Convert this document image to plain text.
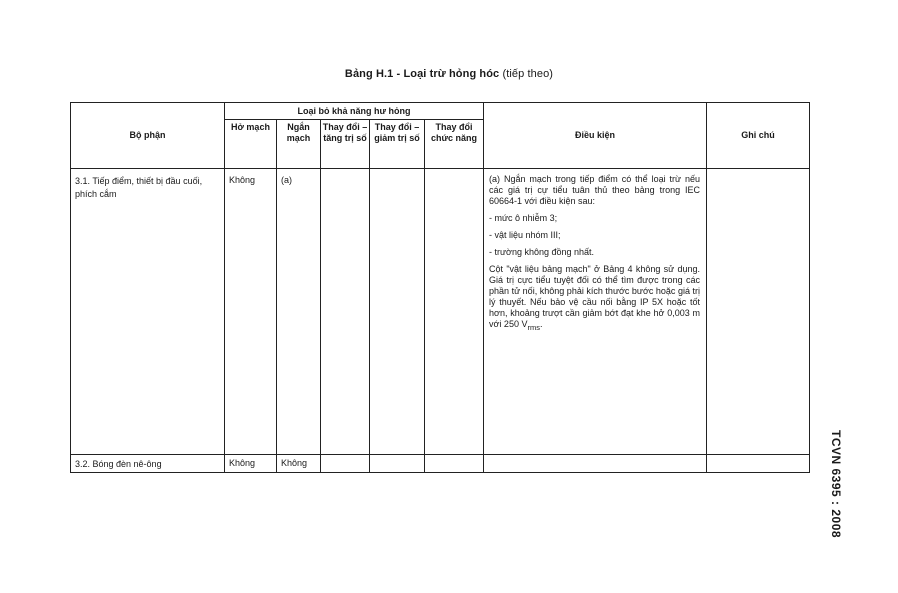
Bảng H.1 - Loại trừ hỏng hóc (tiếp theo)
Bộ phận	Loại bỏ khả năng hư hỏng					Điều kiện	Ghi chú
	Hở mạch	Ngắn mạch	Thay đổi – tăng trị số	Thay đổi – giảm trị số	Thay đổi chức năng		
3.1. Tiếp điểm, thiết bị đầu cuối, phích cắm	Không	(a)				(a) Ngắn mạch trong tiếp điểm có thể loại trừ nếu các giá trị cự tiểu tuân thủ theo bảng trong IEC 60664-1 với điều kiện sau:

- mức ô nhiễm 3;

- vật liệu nhóm III;

- trường không đồng nhất.

Cột "vật liệu bảng mạch" ở Bảng 4 không sử dụng. Giá trị cực tiểu tuyệt đối có thể tìm được trong các phần tử nối, không phải kích thước bước hoặc giá trị lý thuyết. Nếu bảo vệ cầu nối bằng IP 5X hoặc tốt hơn, khoảng trượt cần giảm bớt đạt khe hở 0,003 m với 250 $V_{rms}$.	

3.2. Bóng đèn nê-ông	Không	Không						TCVN 6395 : 2008
